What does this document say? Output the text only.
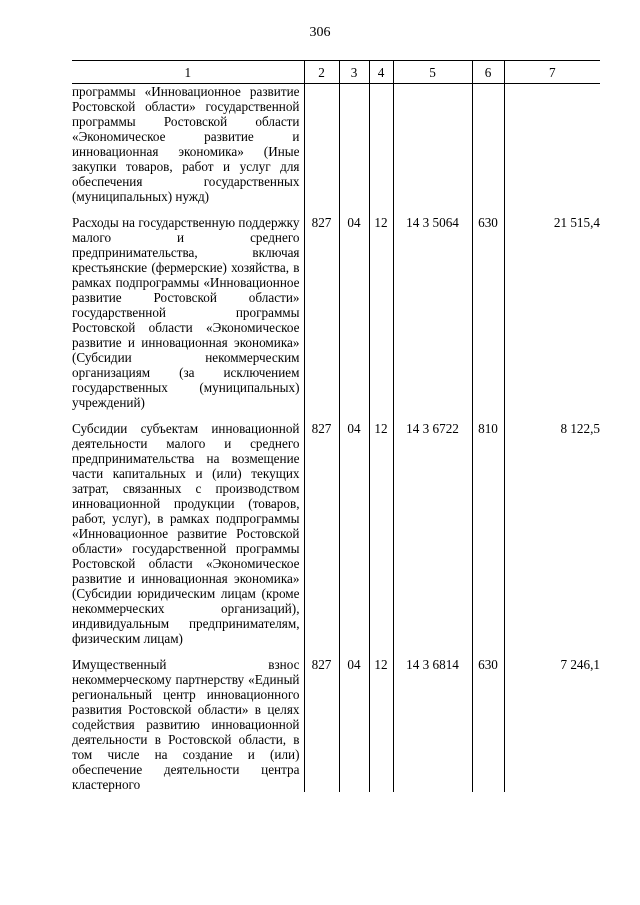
306
1	2	3	4	5	6	7
программы «Инновационное развитие Ростовской области» государственной программы Ростовской области «Экономическое развитие и инновационная экономика» (Иные закупки товаров, работ и услуг для обеспечения государственных (муниципальных) нужд)						
Расходы на государственную поддержку малого и среднего предпринимательства, включая крестьянские (фермерские) хозяйства, в рамках подпрограммы «Инновационное развитие Ростовской области» государственной программы Ростовской области «Экономическое развитие и инновационная экономика» (Субсидии некоммерческим организациям (за исключением государственных (муниципальных) учреждений)	827	04	12	14 3 5064	630	21 515,4
Субсидии субъектам инновационной деятельности малого и среднего предпринимательства на возмещение части капитальных и (или) текущих затрат, связанных с производством инновационной продукции (товаров, работ, услуг), в рамках подпрограммы «Инновационное развитие Ростовской области» государственной программы Ростовской области «Экономическое развитие и инновационная экономика» (Субсидии юридическим лицам (кроме некоммерческих организаций), индивидуальным предпринимателям, физическим лицам)	827	04	12	14 3 6722	810	8 122,5
Имущественный взнос некоммерческому партнерству «Единый региональный центр инновационного развития Ростовской области» в целях содействия развитию инновационной деятельности в Ростовской области, в том числе на создание и (или) обеспечение деятельности центра кластерного	827	04	12	14 3 6814	630	7 246,1
